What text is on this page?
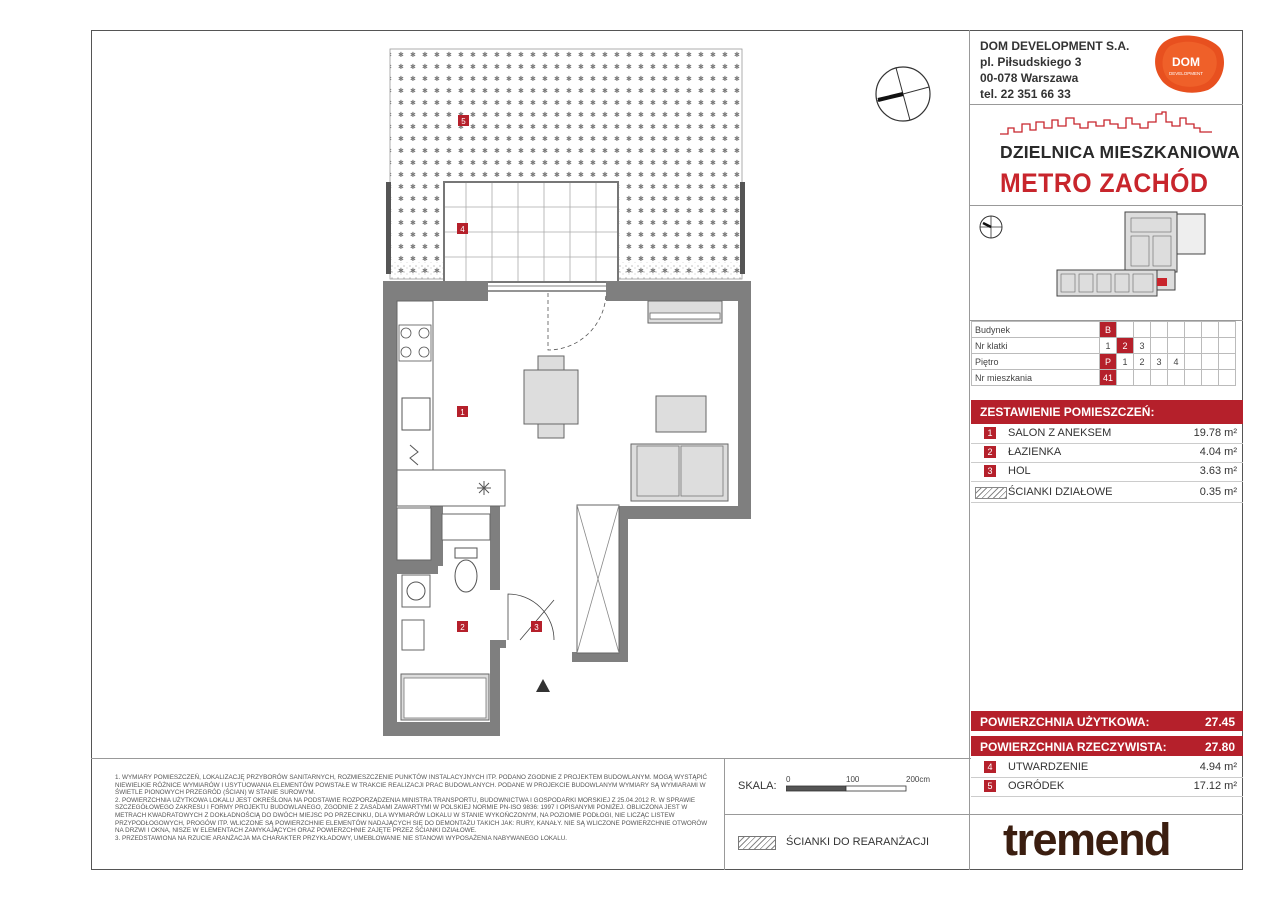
DOM DEVELOPMENT S.A.
pl. Piłsudskiego 3
00-078 Warszawa
tel. 22 351 66 33
DOM
DEVELOPMENT
DZIELNICA MIESZKANIOWA
METRO ZACHÓD
Budynek	B							
Nr klatki	1	2	3					
Piętro	P	1	2	3	4			
Nr mieszkania	41							
ZESTAWIENIE POMIESZCZEŃ:
1	SALON Z ANEKSEM	19.78 m²
2	ŁAZIENKA	4.04 m²
3	HOL	3.63 m²
ŚCIANKI DZIAŁOWE	0.35 m²
POWIERZCHNIA UŻYTKOWA:	27.45
POWIERZCHNIA RZECZYWISTA:	27.80
4	UTWARDZENIE	4.94 m²
5	OGRÓDEK	17.12 m²
5
4
1
2	3

1. WYMIARY POMIESZCZEŃ, LOKALIZACJĘ PRZYBORÓW SANITARNYCH, ROZMIESZCZENIE PUNKTÓW INSTALACYJNYCH ITP. PODANO ZGODNIE Z PROJEKTEM BUDOWLANYM. MOGĄ WYSTĄPIĆ NIEWIELKIE RÓŻNICE WYMIARÓW I USYTUOWANIA ELEMENTÓW POWSTAŁE W TRAKCIE REALIZACJI PRAC BUDOWLANYCH. PODANE W PROJEKCIE BUDOWLANYM WYMIARY SĄ WYMIARAMI W ŚWIETLE PIONOWYCH PRZEGRÓD (ŚCIAN) W STANIE SUROWYM.

2. POWIERZCHNIA UŻYTKOWA LOKALU JEST OKREŚLONA NA PODSTAWIE ROZPORZĄDZENIA MINISTRA TRANSPORTU, BUDOWNICTWA I GOSPODARKI MORSKIEJ Z 25.04.2012 R. W SPRAWIE SZCZEGÓŁOWEGO ZAKRESU I FORMY PROJEKTU BUDOWLANEGO, ZGODNIE Z ZASADAMI ZAWARTYMI W POLSKIEJ NORMIE PN-ISO 9836: 1997 I OPISANYMI PONIŻEJ. OBLICZONA JEST W METRACH KWADRATOWYCH Z DOKŁADNOŚCIĄ DO DWÓCH MIEJSC PO PRZECINKU, DLA WYMIARÓW LOKALU W STANIE WYKOŃCZONYM, NA POZIOMIE PODŁOGI, NIE LICZĄC LISTEW PRZYPODŁOGOWYCH, PROGÓW ITP. WLICZONE SĄ POWIERZCHNIE ELEMENTÓW NADAJĄCYCH SIĘ DO DEMONTAŻU TAKICH JAK: RURY, KANAŁY. NIE SĄ WLICZONE POWIERZCHNIE OTWORÓW NA DRZWI I OKNA, NISZE W ELEMENTACH ZAMYKAJĄCYCH ORAZ POWIERZCHNIE ZAJĘTE PRZEZ ŚCIANKI DZIAŁOWE.

3. PRZEDSTAWIONA NA RZUCIE ARANŻACJA MA CHARAKTER PRZYKŁADOWY, UMEBLOWANIE NIE STANOWI WYPOSAŻENIA NABYWANEGO LOKALU.

SKALA:
0	100	200cm
ŚCIANKI DO REARANŻACJI tremend
